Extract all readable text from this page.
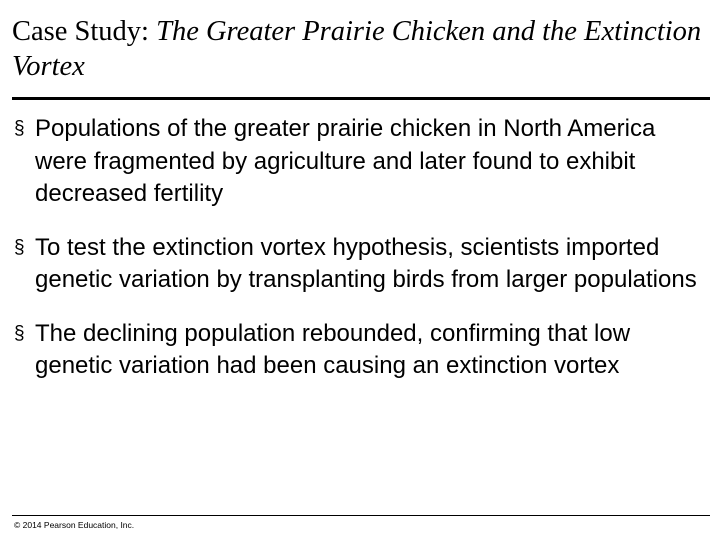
Case Study: The Greater Prairie Chicken and the Extinction Vortex
§ Populations of the greater prairie chicken in North America were fragmented by agriculture and later found to exhibit decreased fertility
§ To test the extinction vortex hypothesis, scientists imported genetic variation by transplanting birds from larger populations
§ The declining population rebounded, confirming that low genetic variation had been causing an extinction vortex
© 2014 Pearson Education, Inc.
